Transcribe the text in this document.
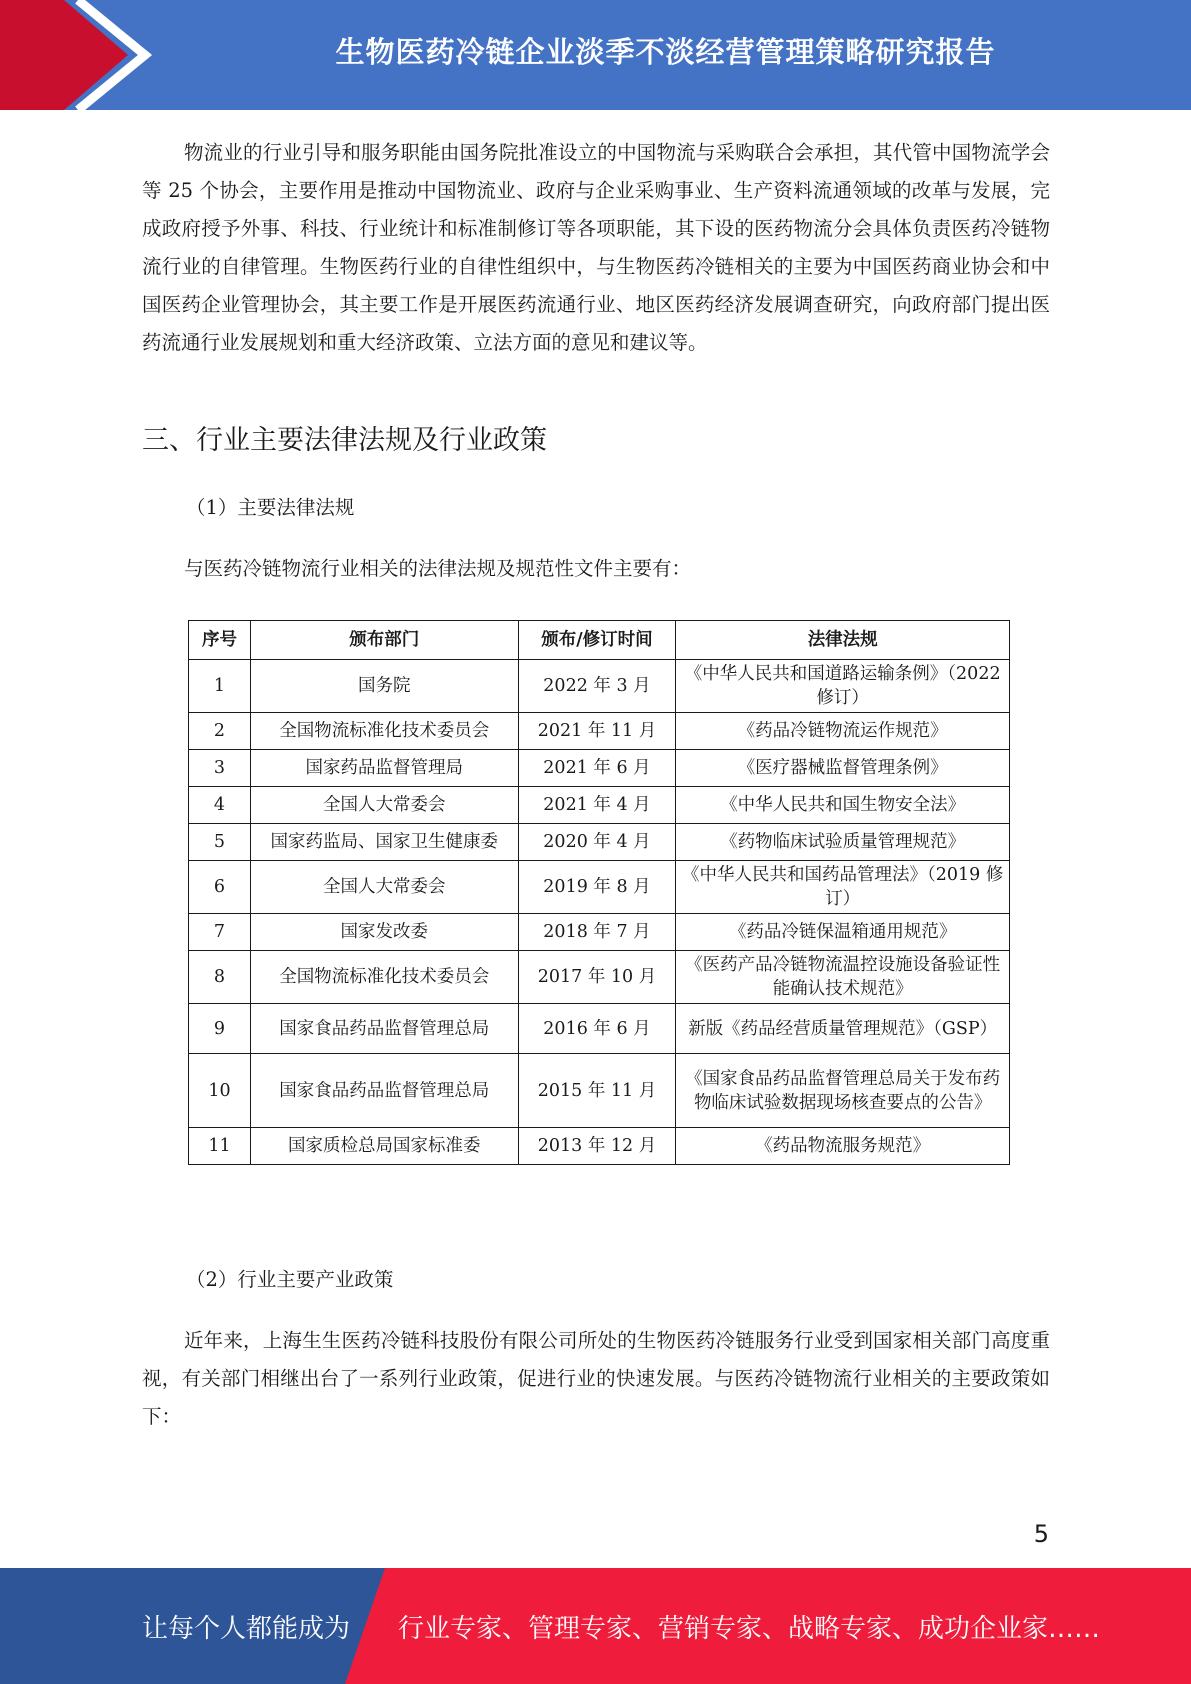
生物医药冷链企业淡季不淡经营管理策略研究报告

物流业的行业引导和服务职能由国务院批准设立的中国物流与采购联合会承担，其代管中国物流学会等 25 个协会，主要作用是推动中国物流业、政府与企业采购事业、生产资料流通领域的改革与发展，完成政府授予外事、科技、行业统计和标准制修订等各项职能，其下设的医药物流分会具体负责医药冷链物流行业的自律管理。生物医药行业的自律性组织中，与生物医药冷链相关的主要为中国医药商业协会和中国医药企业管理协会，其主要工作是开展医药流通行业、地区医药经济发展调查研究，向政府部门提出医药流通行业发展规划和重大经济政策、立法方面的意见和建议等。

三、行业主要法律法规及行业政策

（1）主要法律法规

与医药冷链物流行业相关的法律法规及规范性文件主要有：

序号	颁布部门	颁布/修订时间	法律法规
1	国务院	2022 年 3 月	《中华人民共和国道路运输条例》（2022 修订）
2	全国物流标准化技术委员会	2021 年 11 月	《药品冷链物流运作规范》
3	国家药品监督管理局	2021 年 6 月	《医疗器械监督管理条例》
4	全国人大常委会	2021 年 4 月	《中华人民共和国生物安全法》
5	国家药监局、国家卫生健康委	2020 年 4 月	《药物临床试验质量管理规范》
6	全国人大常委会	2019 年 8 月	《中华人民共和国药品管理法》（2019 修订）
7	国家发改委	2018 年 7 月	《药品冷链保温箱通用规范》
8	全国物流标准化技术委员会	2017 年 10 月	《医药产品冷链物流温控设施设备验证性能确认技术规范》
9	国家食品药品监督管理总局	2016 年 6 月	新版《药品经营质量管理规范》（GSP）
10	国家食品药品监督管理总局	2015 年 11 月	《国家食品药品监督管理总局关于发布药物临床试验数据现场核查要点的公告》
11	国家质检总局国家标准委	2013 年 12 月	《药品物流服务规范》

（2）行业主要产业政策

近年来，上海生生医药冷链科技股份有限公司所处的生物医药冷链服务行业受到国家相关部门高度重视，有关部门相继出台了一系列行业政策，促进行业的快速发展。与医药冷链物流行业相关的主要政策如下：

5
让每个人都能成为 行业专家、管理专家、营销专家、战略专家、成功企业家……
